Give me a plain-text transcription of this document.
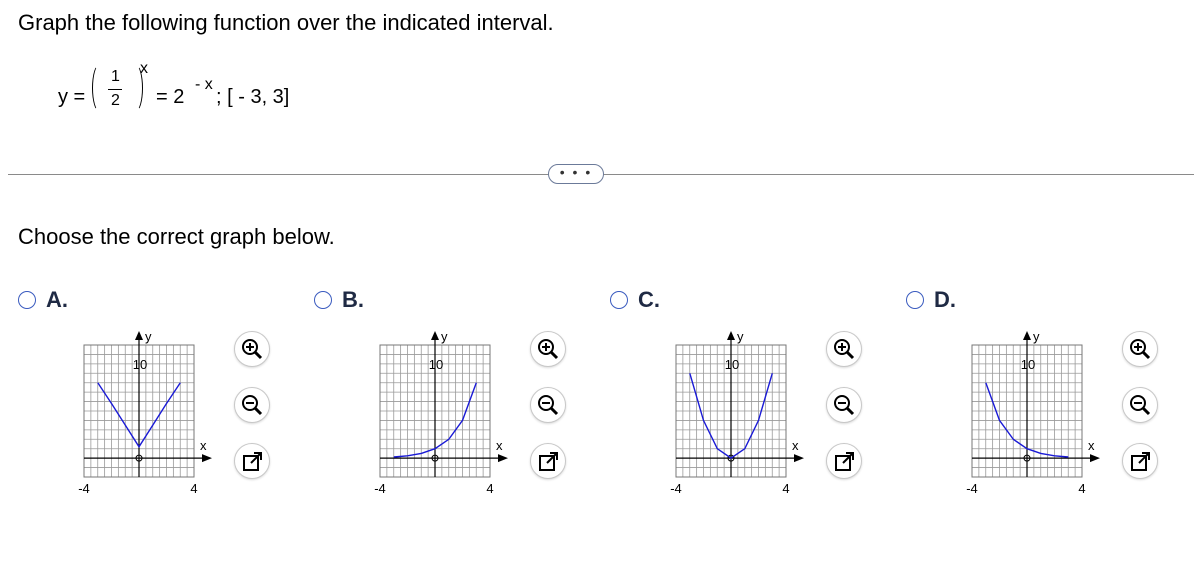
Graph the following function over the indicated interval.
y =
1
2
x
= 2
- x
; [ - 3, 3]
• • •
Choose the correct graph below.
A.
y
x
10
-4	4
B.
y
x
10
-4	4
C.
y
x
10
-4	4
D.
y
x
10
-4	4
